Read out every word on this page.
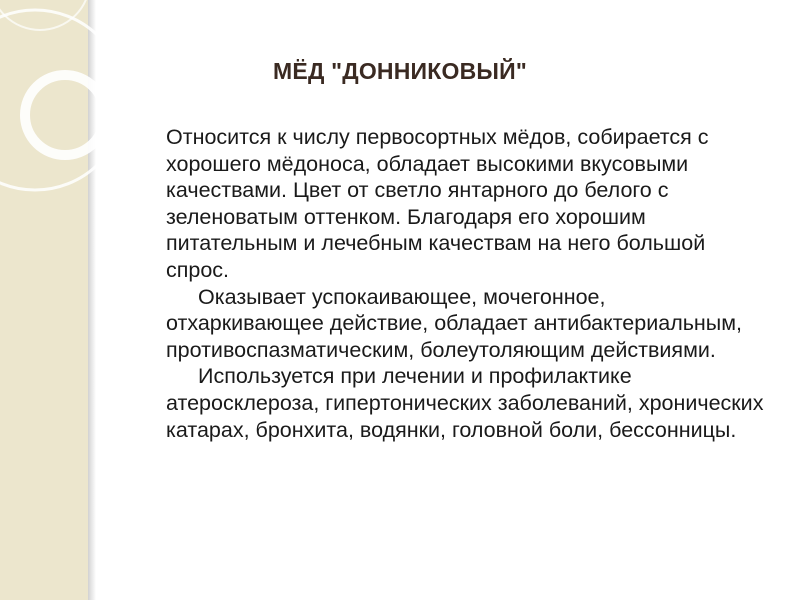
МЁД "ДОННИКОВЫЙ"

Относится к числу первосортных мёдов, собирается с хорошего мёдоноса, обладает высокими вкусовыми качествами. Цвет от светло янтарного до белого с зеленоватым оттенком. Благодаря его хорошим питательным и лечебным качествам на него большой спрос.

Оказывает успокаивающее, мочегонное, отхаркивающее действие, обладает антибактериальным, противоспазматическим, болеутоляющим действиями.

Используется при лечении и профилактике атеросклероза, гипертонических заболеваний, хронических катарах, бронхита, водянки, головной боли, бессонницы.
